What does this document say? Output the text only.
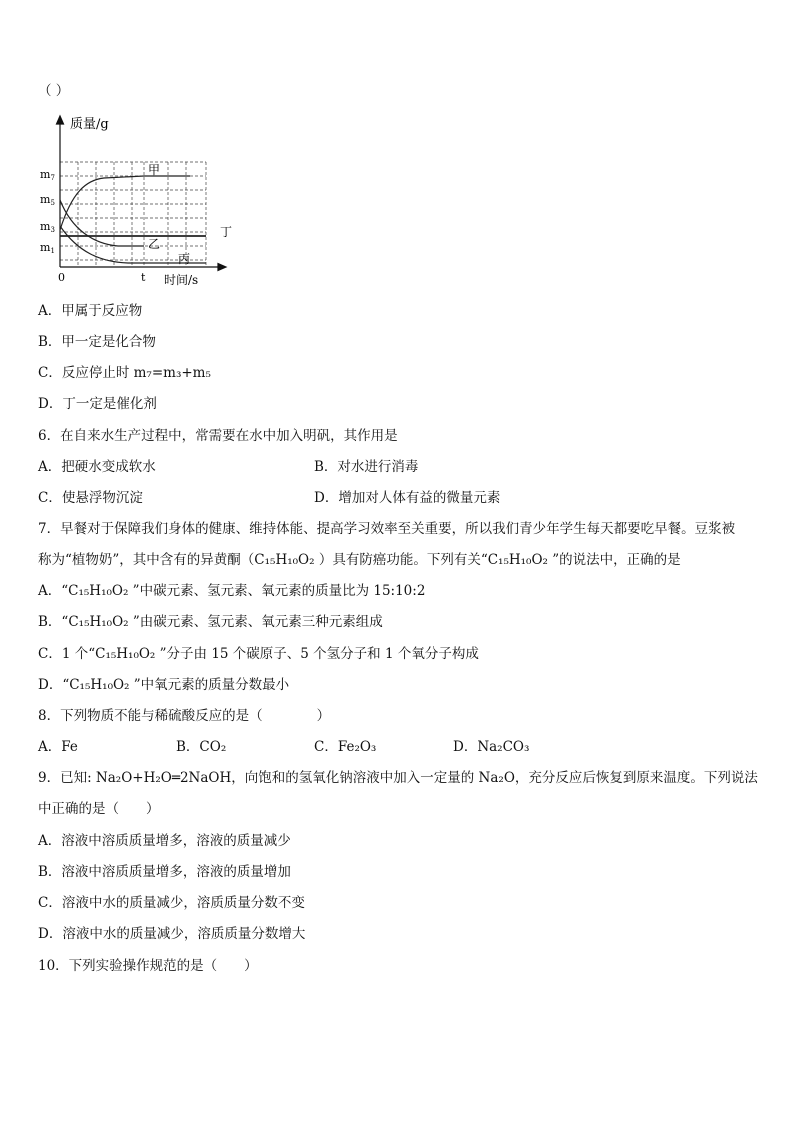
（ ）
质量/g
时间/s
m7
m5
m3
m1
0	t
甲
乙
丙
丁
A．甲属于反应物
B．甲一定是化合物
C．反应停止时 m₇=m₃+m₅
D．丁一定是催化剂
6．在自来水生产过程中，常需要在水中加入明矾，其作用是
A．把硬水变成软水	B．对水进行消毒
C．使悬浮物沉淀	D．增加对人体有益的微量元素
7．早餐对于保障我们身体的健康、维持体能、提高学习效率至关重要，所以我们青少年学生每天都要吃早餐。豆浆被
称为“植物奶”，其中含有的异黄酮（C₁₅H₁₀O₂ ）具有防癌功能。下列有关“C₁₅H₁₀O₂ ”的说法中，正确的是
A．“C₁₅H₁₀O₂ ”中碳元素、氢元素、氧元素的质量比为 15:10:2
B．“C₁₅H₁₀O₂ ”由碳元素、氢元素、氧元素三种元素组成
C．1 个“C₁₅H₁₀O₂ ”分子由 15 个碳原子、5 个氢分子和 1 个氧分子构成
D．“C₁₅H₁₀O₂ ”中氧元素的质量分数最小
8．下列物质不能与稀硫酸反应的是（　　　　）
A．Fe	B．CO₂	C．Fe₂O₃	D．Na₂CO₃
9．已知: Na₂O+H₂O═2NaOH，向饱和的氢氧化钠溶液中加入一定量的 Na₂O，充分反应后恢复到原来温度。下列说法
中正确的是（　　）
A．溶液中溶质质量增多，溶液的质量减少
B．溶液中溶质质量增多，溶液的质量增加
C．溶液中水的质量减少，溶质质量分数不变
D．溶液中水的质量减少，溶质质量分数增大
10．下列实验操作规范的是（　　）
